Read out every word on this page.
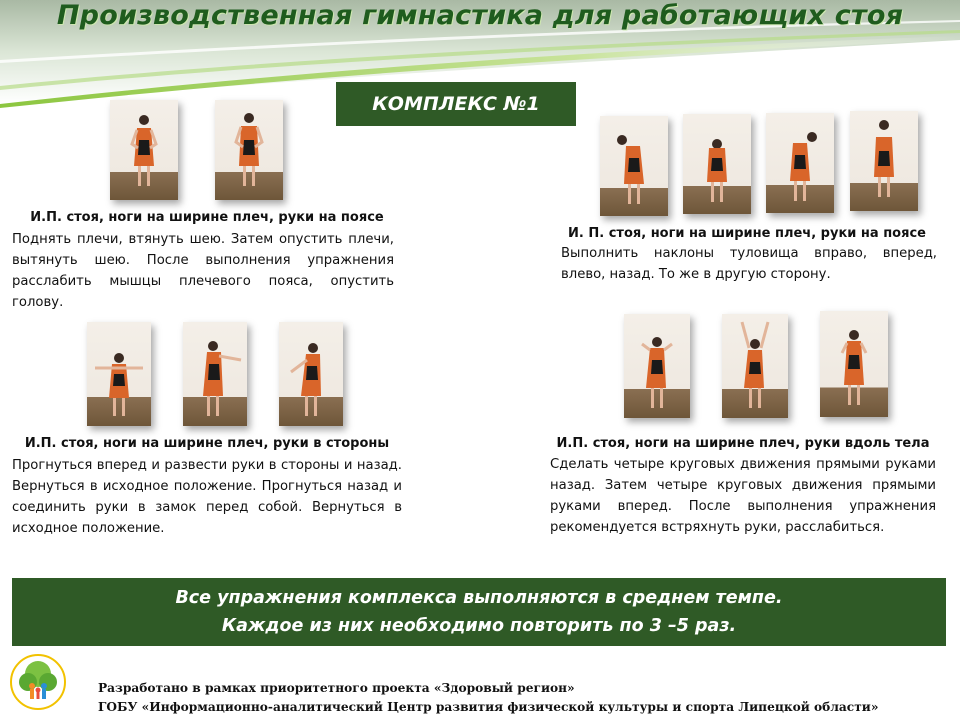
Производственная гимнастика для работающих стоя
КОМПЛЕКС №1
И.П. стоя, ноги на ширине плеч, руки на поясе
Поднять плечи, втянуть шею. Затем опустить плечи, вытянуть шею. После выполнения упражнения расслабить мышцы плечевого пояса, опустить голову.
И. П. стоя, ноги на ширине плеч, руки на поясе
Выполнить наклоны туловища вправо, вперед, влево, назад. То же в другую сторону.
И.П. стоя, ноги на ширине плеч, руки в стороны
Прогнуться вперед и развести руки в стороны и назад. Вернуться в исходное положение. Прогнуться назад и соединить руки в замок перед собой. Вернуться в исходное положение.
И.П. стоя, ноги на ширине плеч, руки вдоль тела
Сделать четыре круговых движения прямыми руками назад. Затем четыре круговых движения прямыми руками вперед. После выполнения упражнения рекомендуется встряхнуть руки, расслабиться.
Все упражнения комплекса выполняются в среднем темпе.
Каждое из них необходимо повторить по 3 –5 раз.
Разработано в рамках приоритетного проекта «Здоровый регион»
ГОБУ «Информационно-аналитический Центр развития физической культуры и спорта Липецкой области»
